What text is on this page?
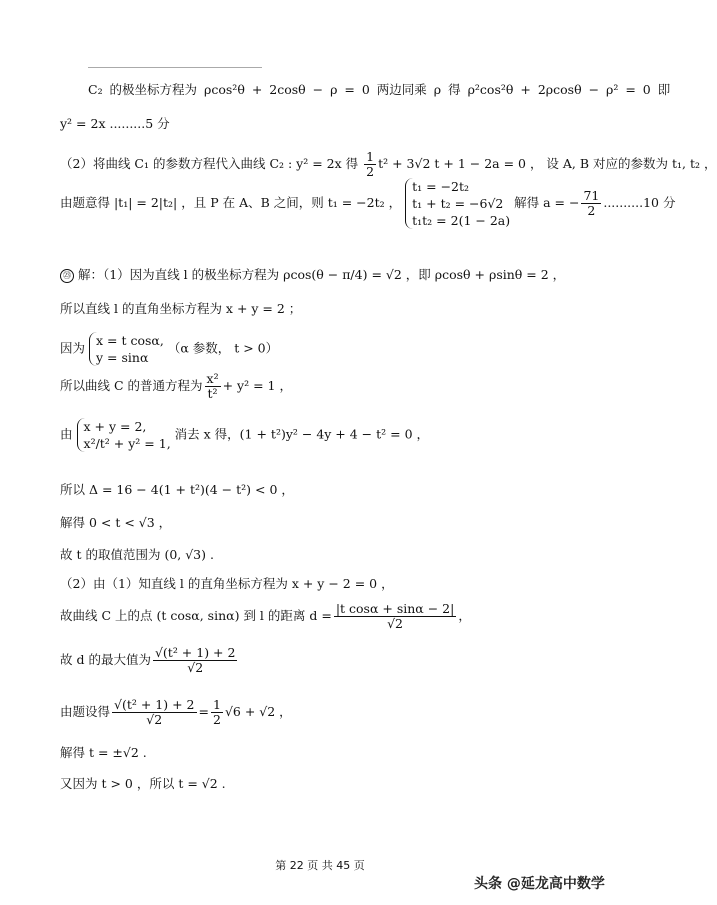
C₂ 的极坐标方程为 ρcos²θ + 2cosθ − ρ = 0 两边同乘 ρ 得 ρ²cos²θ + 2ρcosθ − ρ² = 0 即
y² = 2x .........5 分
（2）将曲线 C₁ 的参数方程代入曲线 C₂ : y² = 2x 得 $\frac{1}{2} t^2 + 3√2$ t + 1 − 2a = 0 ， 设 A, B 对应的参数为 t₁, t₂ ，
由题意得 |t₁| = 2|t₂| ，且 P 在 A、B 之间，则 t₁ = −2t₂ ，
t₁ = −2t₂
t₁ + t₂ = −6√2
t₁t₂ = 2(1 − 2a)
解得 a = − $\frac{71}{2} ..........10$ 分
㉓ 解：（1）因为直线 l 的极坐标方程为 ρcos(θ − π/4) = √2 ，即 ρcosθ + ρsinθ = 2 ，
所以直线 l 的直角坐标方程为 x + y = 2 ；
因为 x = t cosα,
y = sinα
（α 参数， t > 0）
所以曲线 C 的普通方程为 $\frac{\text{x²}}{\text{t²}} + y^2 = 1$ ，
由 x + y = 2,
x²/t² + y² = 1,
消去 x 得，(1 + t²)y² − 4y + 4 − t² = 0 ，
所以 Δ = 16 − 4(1 + t²)(4 − t²) < 0 ，
解得 0 < t < √3 ，
故 t 的取值范围为 (0, √3) .
（2）由（1）知直线 l 的直角坐标方程为 x + y − 2 = 0 ，
故曲线 C 上的点 (t cosα, sinα) 到 l 的距离 $d = \frac{\text{|t cosα + sinα − 2|}}{√2}$ ，
故 d 的最大值为 $\frac{\text{√(t² + 1) + 2}}{√2}$
由题设得 $\frac{\text{√(t² + 1) + 2}}{√2} = \frac{1}{2} √6 + √2$ ，
解得 t = ±√2 .
又因为 t > 0 ，所以 t = √2 .
第 22 页 共 45 页
头条 @延龙高中数学
